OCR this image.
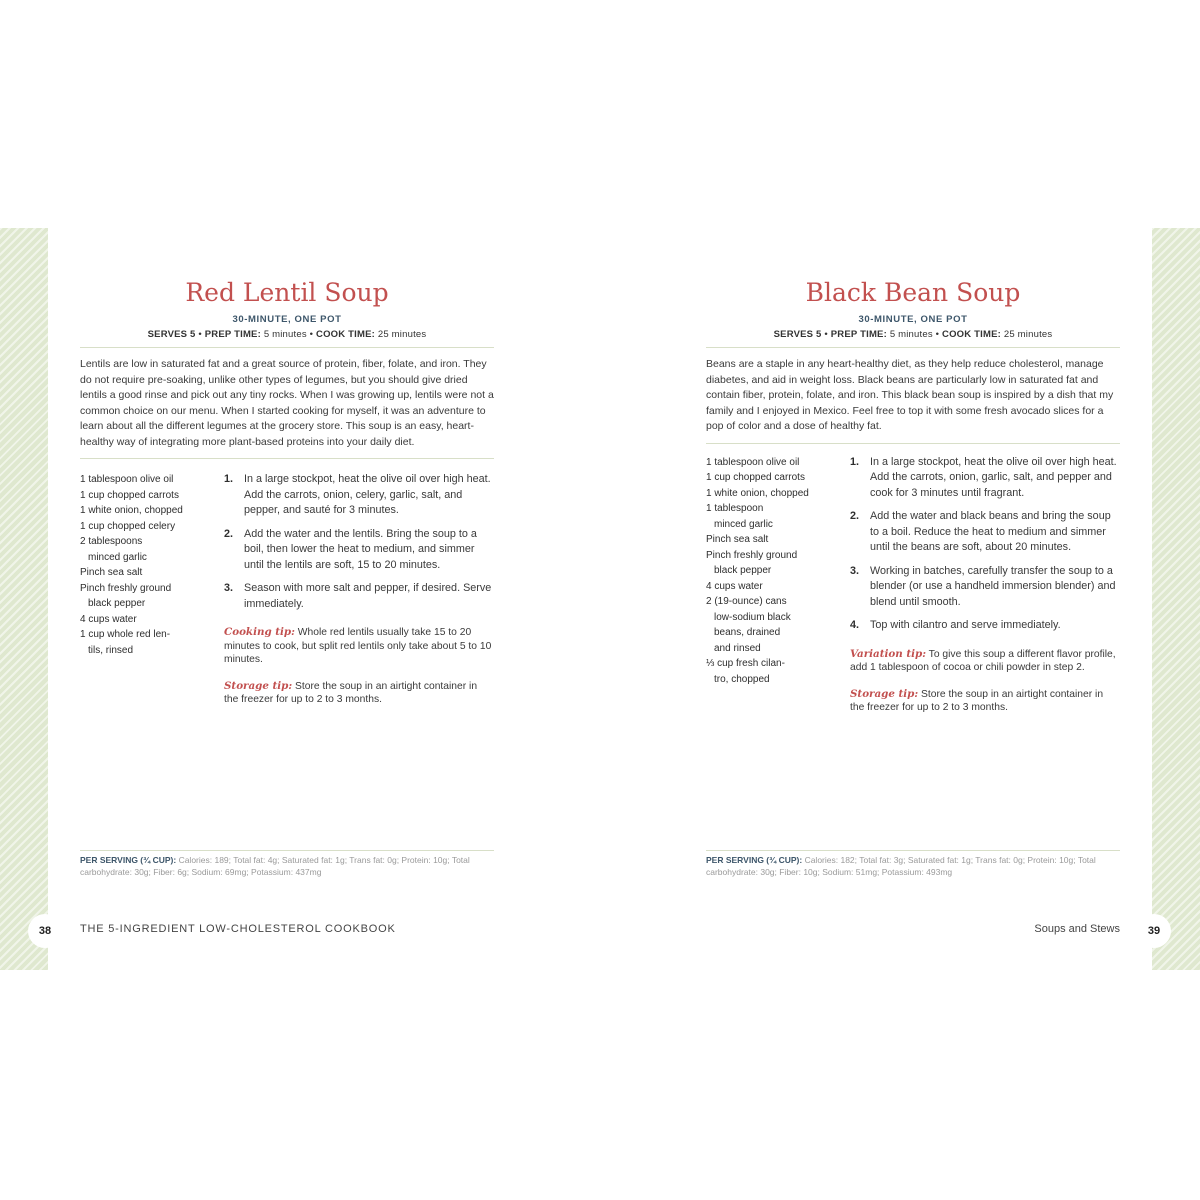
Red Lentil Soup
30-MINUTE, ONE POT
SERVES 5 • PREP TIME: 5 minutes • COOK TIME: 25 minutes

Lentils are low in saturated fat and a great source of protein, fiber, folate, and iron. They do not require pre-soaking, unlike other types of legumes, but you should give dried lentils a good rinse and pick out any tiny rocks. When I was growing up, lentils were not a common choice on our menu. When I started cooking for myself, it was an adventure to learn about all the different legumes at the grocery store. This soup is an easy, heart-healthy way of integrating more plant-based proteins into your daily diet.

1 tablespoon olive oil
1 cup chopped carrots
1 white onion, chopped
1 cup chopped celery
2 tablespoons
minced garlic
Pinch sea salt
Pinch freshly ground
black pepper
4 cups water
1 cup whole red len-
tils, rinsed
1. In a large stockpot, heat the olive oil over high heat. Add the carrots, onion, celery, garlic, salt, and pepper, and sauté for 3 minutes.
2. Add the water and the lentils. Bring the soup to a boil, then lower the heat to medium, and simmer until the lentils are soft, 15 to 20 minutes.
3. Season with more salt and pepper, if desired. Serve immediately.
Cooking tip: Whole red lentils usually take 15 to 20 minutes to cook, but split red lentils only take about 5 to 10 minutes.
Storage tip: Store the soup in an airtight container in the freezer for up to 2 to 3 months.
PER SERVING (¾ CUP): Calories: 189; Total fat: 4g; Saturated fat: 1g; Trans fat: 0g; Protein: 10g; Total carbohydrate: 30g; Fiber: 6g; Sodium: 69mg; Potassium: 437mg
Black Bean Soup
30-MINUTE, ONE POT
SERVES 5 • PREP TIME: 5 minutes • COOK TIME: 25 minutes

Beans are a staple in any heart-healthy diet, as they help reduce cholesterol, manage diabetes, and aid in weight loss. Black beans are particularly low in saturated fat and contain fiber, protein, folate, and iron. This black bean soup is inspired by a dish that my family and I enjoyed in Mexico. Feel free to top it with some fresh avocado slices for a pop of color and a dose of healthy fat.

1 tablespoon olive oil
1 cup chopped carrots
1 white onion, chopped
1 tablespoon
minced garlic
Pinch sea salt
Pinch freshly ground
black pepper
4 cups water
2 (19-ounce) cans
low-sodium black
beans, drained
and rinsed
⅓ cup fresh cilan-
tro, chopped
1. In a large stockpot, heat the olive oil over high heat. Add the carrots, onion, garlic, salt, and pepper and cook for 3 minutes until fragrant.
2. Add the water and black beans and bring the soup to a boil. Reduce the heat to medium and simmer until the beans are soft, about 20 minutes.
3. Working in batches, carefully transfer the soup to a blender (or use a handheld immersion blender) and blend until smooth.
4. Top with cilantro and serve immediately.
Variation tip: To give this soup a different flavor profile, add 1 tablespoon of cocoa or chili powder in step 2.
Storage tip: Store the soup in an airtight container in the freezer for up to 2 to 3 months.
PER SERVING (¾ CUP): Calories: 182; Total fat: 3g; Saturated fat: 1g; Trans fat: 0g; Protein: 10g; Total carbohydrate: 30g; Fiber: 10g; Sodium: 51mg; Potassium: 493mg
38	THE 5-INGREDIENT LOW-CHOLESTEROL COOKBOOK	Soups and Stews	39
